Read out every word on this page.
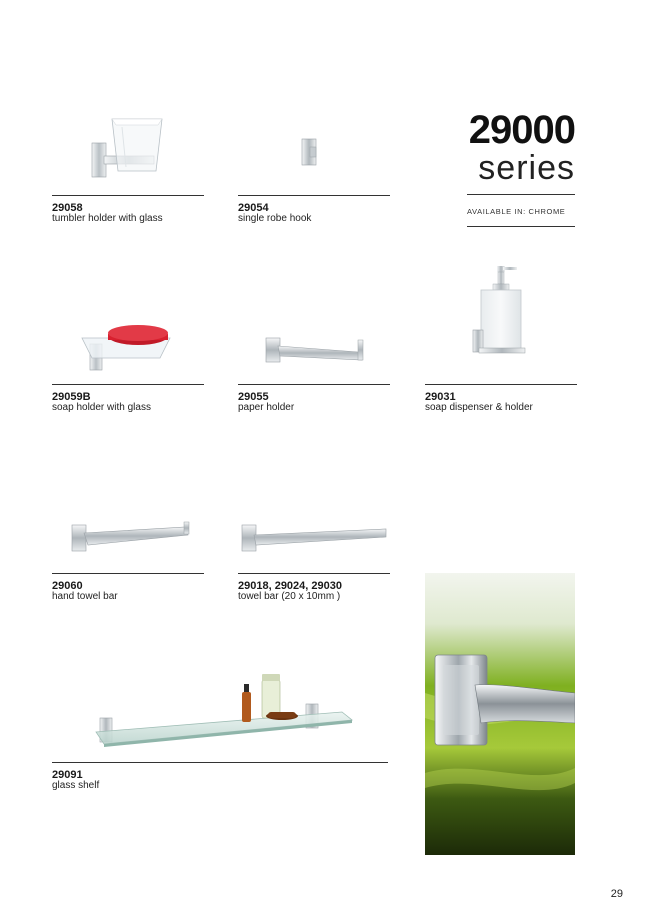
29000
series
AVAILABLE IN: CHROME
29058
tumbler holder with glass
29054
single robe hook
29059B
soap holder with glass
29055
paper holder
29031
soap dispenser & holder
29060
hand towel bar
29018, 29024, 29030
towel bar (20 x 10mm )
29091
glass shelf
29
